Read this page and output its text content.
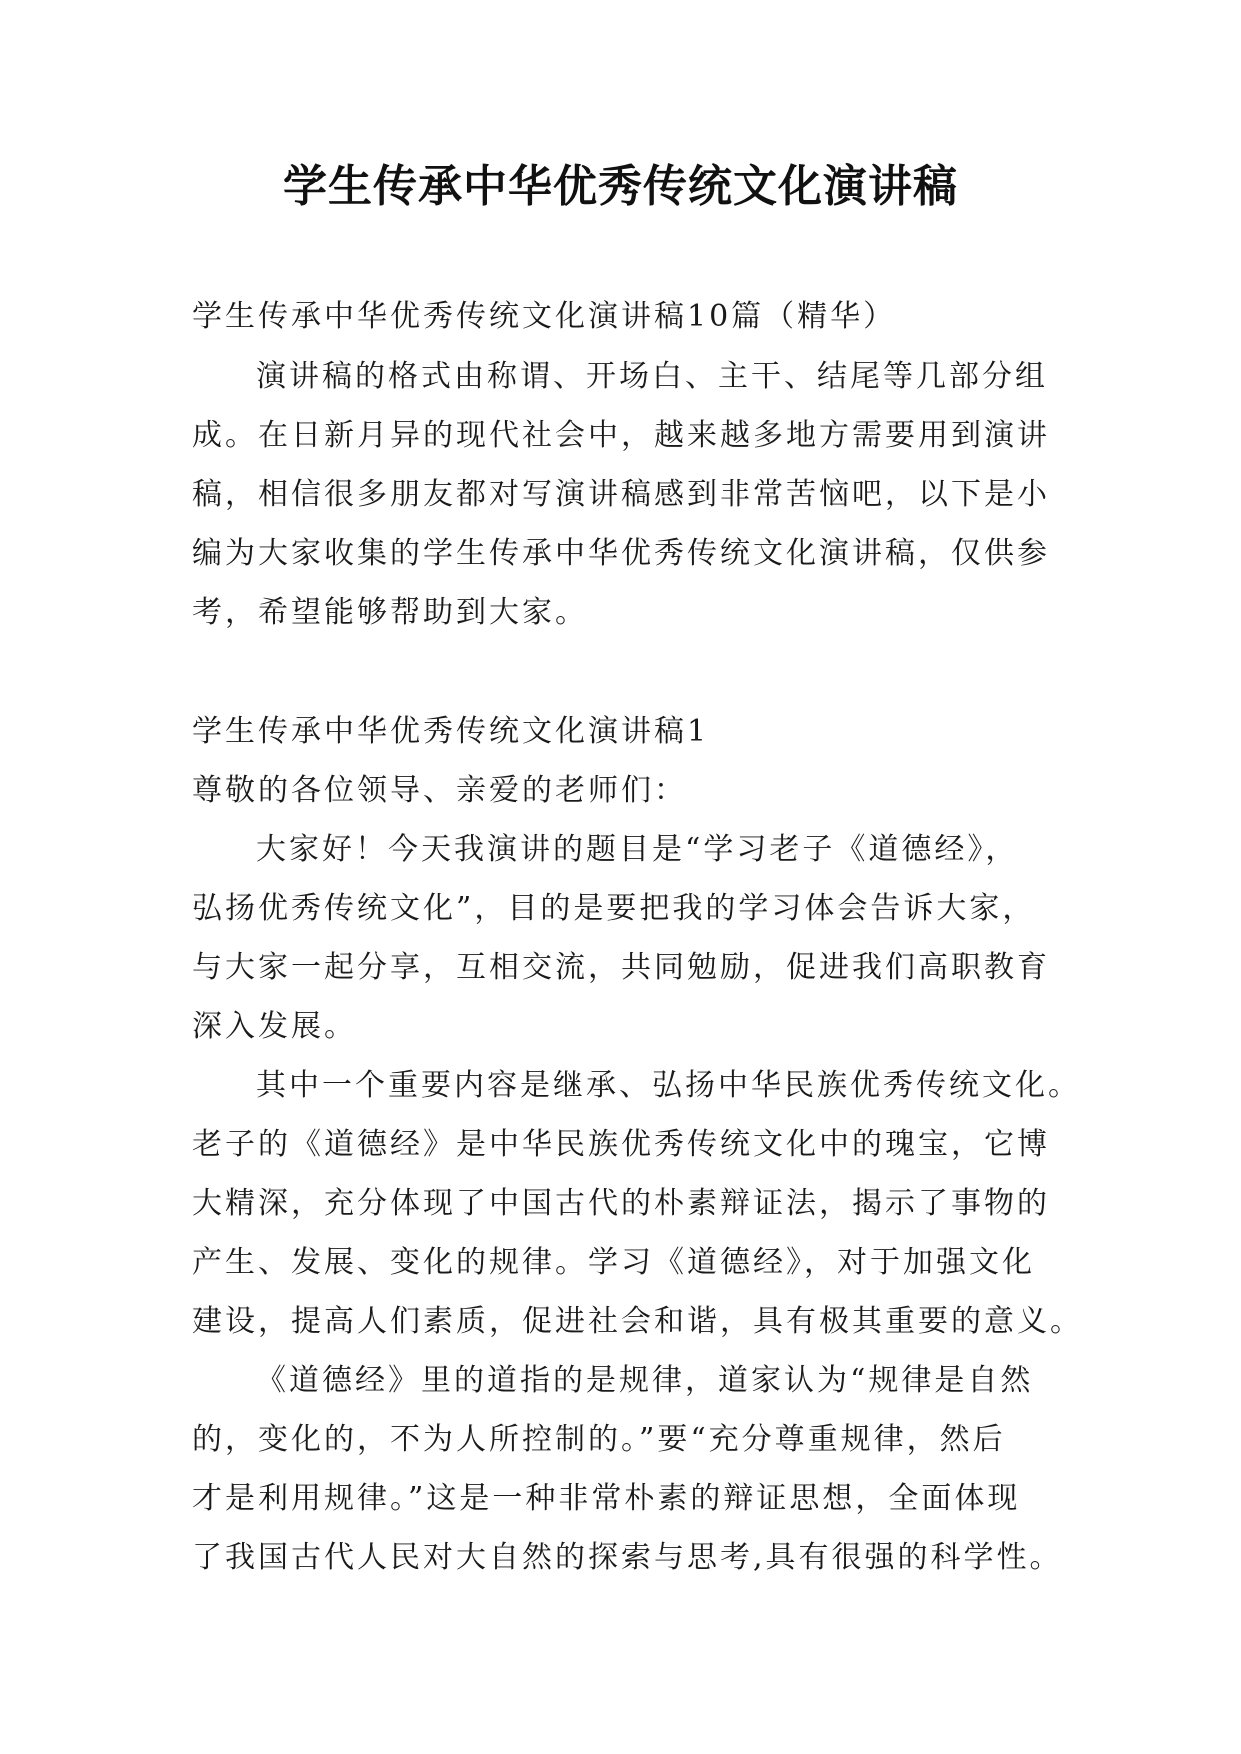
学生传承中华优秀传统文化演讲稿

学生传承中华优秀传统文化演讲稿10篇（精华）

演讲稿的格式由称谓、开场白、主干、结尾等几部分组

成。在日新月异的现代社会中，越来越多地方需要用到演讲

稿，相信很多朋友都对写演讲稿感到非常苦恼吧，以下是小

编为大家收集的学生传承中华优秀传统文化演讲稿，仅供参

考，希望能够帮助到大家。

学生传承中华优秀传统文化演讲稿1

尊敬的各位领导、亲爱的老师们：

大家好！今天我演讲的题目是“学习老子《道德经》，

弘扬优秀传统文化”，目的是要把我的学习体会告诉大家，

与大家一起分享，互相交流，共同勉励，促进我们高职教育

深入发展。

其中一个重要内容是继承、弘扬中华民族优秀传统文化。

老子的《道德经》是中华民族优秀传统文化中的瑰宝，它博

大精深，充分体现了中国古代的朴素辩证法，揭示了事物的

产生、发展、变化的规律。学习《道德经》，对于加强文化

建设，提高人们素质，促进社会和谐，具有极其重要的意义。

《道德经》里的道指的是规律，道家认为“规律是自然

的，变化的，不为人所控制的。”要“充分尊重规律，然后

才是利用规律。”这是一种非常朴素的辩证思想，全面体现

了我国古代人民对大自然的探索与思考,具有很强的科学性。
